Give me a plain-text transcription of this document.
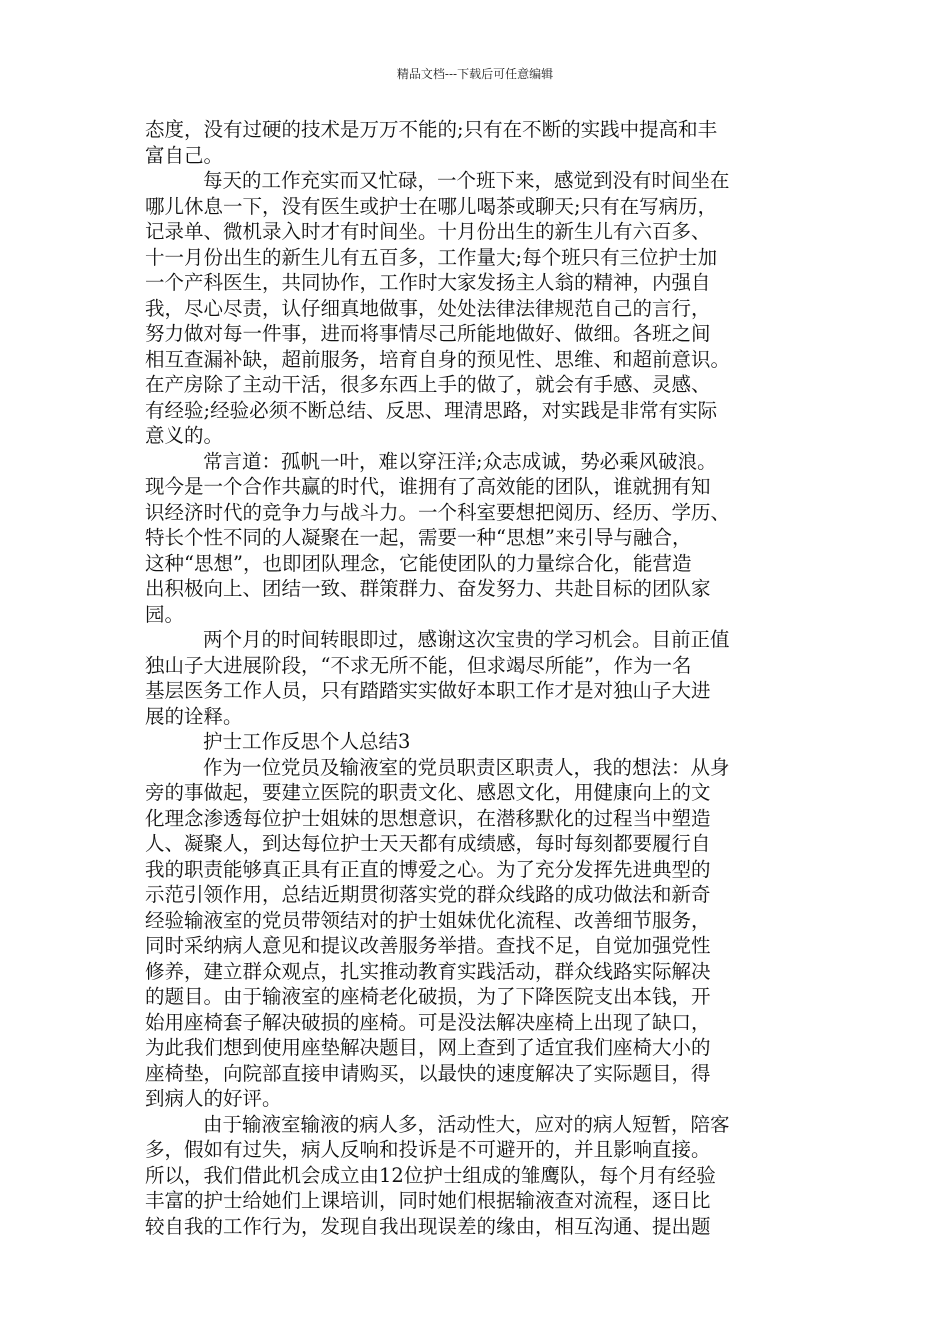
精品文档---下载后可任意编辑
态度，没有过硬的技术是万万不能的;只有在不断的实践中提高和丰
富自己。
每天的工作充实而又忙碌，一个班下来，感觉到没有时间坐在
哪儿休息一下，没有医生或护士在哪儿喝茶或聊天;只有在写病历，
记录单、微机录入时才有时间坐。十月份出生的新生儿有六百多、
十一月份出生的新生儿有五百多，工作量大;每个班只有三位护士加
一个产科医生，共同协作，工作时大家发扬主人翁的精神，内强自
我，尽心尽责，认仔细真地做事，处处法律法律规范自己的言行，
努力做对每一件事，进而将事情尽己所能地做好、做细。各班之间
相互查漏补缺，超前服务，培育自身的预见性、思维、和超前意识。
在产房除了主动干活，很多东西上手的做了，就会有手感、灵感、
有经验;经验必须不断总结、反思、理清思路，对实践是非常有实际
意义的。
常言道：孤帆一叶，难以穿汪洋;众志成诚，势必乘风破浪。
现今是一个合作共赢的时代，谁拥有了高效能的团队，谁就拥有知
识经济时代的竞争力与战斗力。一个科室要想把阅历、经历、学历、
特长个性不同的人凝聚在一起，需要一种“思想”来引导与融合，
这种“思想”，也即团队理念，它能使团队的力量综合化，能营造
出积极向上、团结一致、群策群力、奋发努力、共赴目标的团队家
园。
两个月的时间转眼即过，感谢这次宝贵的学习机会。目前正值
独山子大进展阶段，“不求无所不能，但求竭尽所能”，作为一名
基层医务工作人员，只有踏踏实实做好本职工作才是对独山子大进
展的诠释。
护士工作反思个人总结3
作为一位党员及输液室的党员职责区职责人，我的想法：从身
旁的事做起，要建立医院的职责文化、感恩文化，用健康向上的文
化理念渗透每位护士姐妹的思想意识，在潜移默化的过程当中塑造
人、凝聚人，到达每位护士天天都有成绩感，每时每刻都要履行自
我的职责能够真正具有正直的博爱之心。为了充分发挥先进典型的
示范引领作用，总结近期贯彻落实党的群众线路的成功做法和新奇
经验输液室的党员带领结对的护士姐妹优化流程、改善细节服务，
同时采纳病人意见和提议改善服务举措。查找不足，自觉加强党性
修养，建立群众观点，扎实推动教育实践活动，群众线路实际解决
的题目。由于输液室的座椅老化破损，为了下降医院支出本钱，开
始用座椅套子解决破损的座椅。可是没法解决座椅上出现了缺口，
为此我们想到使用座垫解决题目，网上查到了适宜我们座椅大小的
座椅垫，向院部直接申请购买，以最快的速度解决了实际题目，得
到病人的好评。
由于输液室输液的病人多，活动性大，应对的病人短暂，陪客
多，假如有过失，病人反响和投诉是不可避开的，并且影响直接。
所以，我们借此机会成立由12位护士组成的雏鹰队，每个月有经验
丰富的护士给她们上课培训，同时她们根据输液查对流程，逐日比
较自我的工作行为，发现自我出现误差的缘由，相互沟通、提出题
